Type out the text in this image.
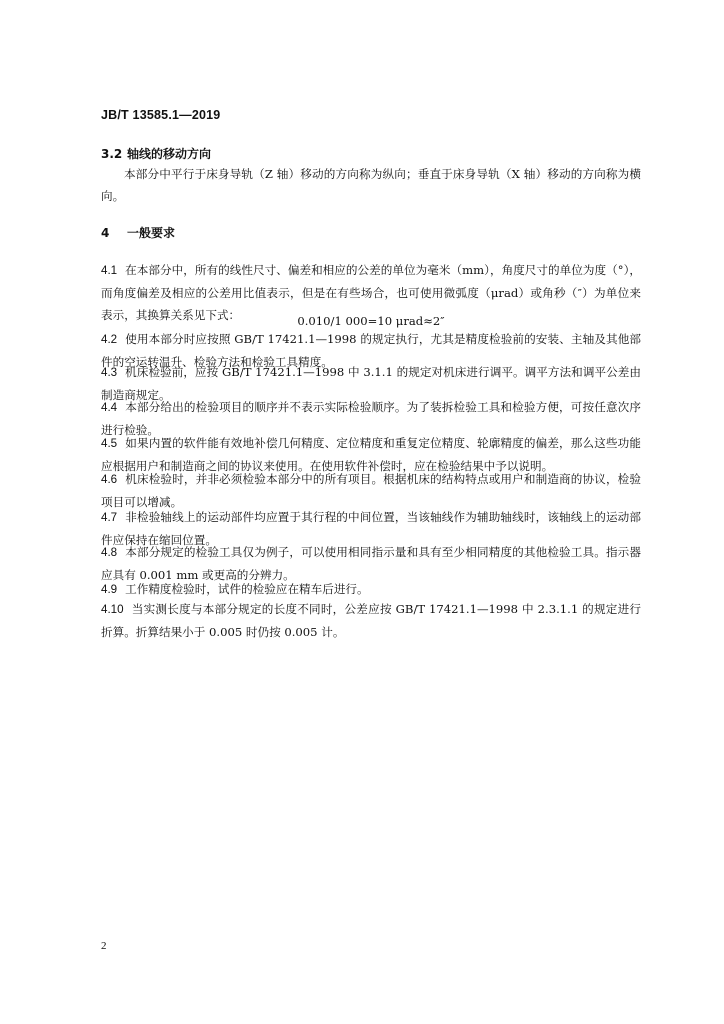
JB/T 13585.1—2019
3.2 轴线的移动方向
本部分中平行于床身导轨（Z 轴）移动的方向称为纵向；垂直于床身导轨（X 轴）移动的方向称为横向。
4 一般要求
4.1 在本部分中，所有的线性尺寸、偏差和相应的公差的单位为毫米（mm），角度尺寸的单位为度（°），而角度偏差及相应的公差用比值表示，但是在有些场合，也可使用微弧度（μrad）或角秒（″）为单位来表示，其换算关系见下式：	0.010/1 000=10 μrad≈2″
4.2 使用本部分时应按照 GB/T 17421.1—1998 的规定执行，尤其是精度检验前的安装、主轴及其他部件的空运转温升、检验方法和检验工具精度。
4.3 机床检验前，应按 GB/T 17421.1—1998 中 3.1.1 的规定对机床进行调平。调平方法和调平公差由制造商规定。
4.4 本部分给出的检验项目的顺序并不表示实际检验顺序。为了装拆检验工具和检验方便，可按任意次序进行检验。
4.5 如果内置的软件能有效地补偿几何精度、定位精度和重复定位精度、轮廓精度的偏差，那么这些功能应根据用户和制造商之间的协议来使用。在使用软件补偿时，应在检验结果中予以说明。
4.6 机床检验时，并非必须检验本部分中的所有项目。根据机床的结构特点或用户和制造商的协议，检验项目可以增减。
4.7 非检验轴线上的运动部件均应置于其行程的中间位置，当该轴线作为辅助轴线时，该轴线上的运动部件应保持在缩回位置。
4.8 本部分规定的检验工具仅为例子，可以使用相同指示量和具有至少相同精度的其他检验工具。指示器应具有 0.001 mm 或更高的分辨力。
4.9 工作精度检验时，试件的检验应在精车后进行。
4.10 当实测长度与本部分规定的长度不同时，公差应按 GB/T 17421.1—1998 中 2.3.1.1 的规定进行折算。折算结果小于 0.005 时仍按 0.005 计。
2
